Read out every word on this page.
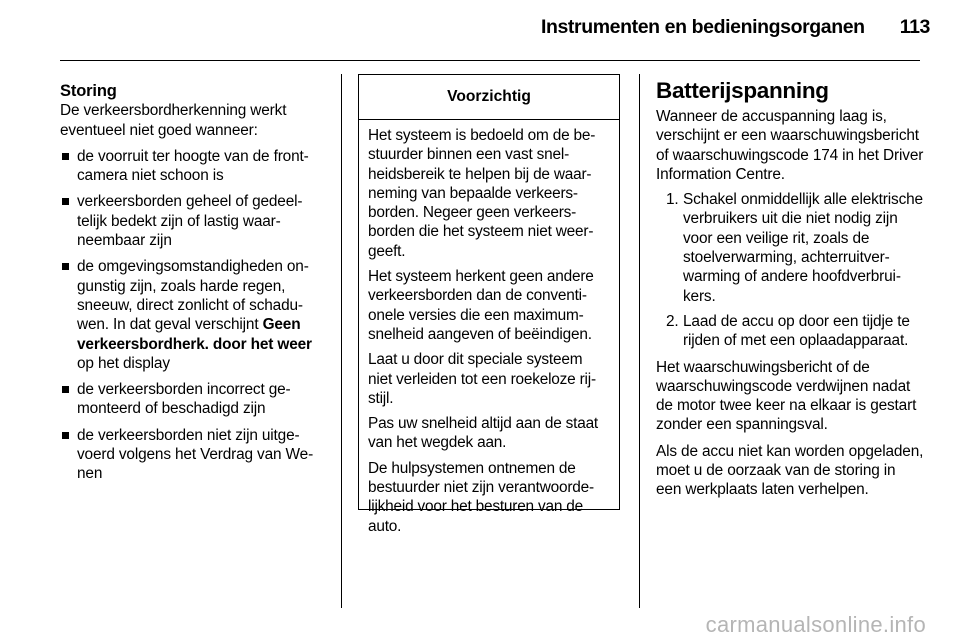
Instrumenten en bedieningsorganen 113
Storing

De verkeersbordherkenning werkt eventueel niet goed wanneer:

de voorruit ter hoogte van de frontcamera niet schoon is
verkeersborden geheel of gedeeltelijk bedekt zijn of lastig waarneembaar zijn
de omgevingsomstandigheden ongunstig zijn, zoals harde regen, sneeuw, direct zonlicht of schaduwen. In dat geval verschijnt Geen verkeersbordherk. door het weer op het display
de verkeersborden incorrect gemonteerd of beschadigd zijn
de verkeersborden niet zijn uitgevoerd volgens het Verdrag van Wenen
Voorzichtig

Het systeem is bedoeld om de bestuurder binnen een vast snelheidsbereik te helpen bij de waarneming van bepaalde verkeersborden. Negeer geen verkeersborden die het systeem niet weergeeft.

Het systeem herkent geen andere verkeersborden dan de conventionele versies die een maximumsnelheid aangeven of beëindigen.

Laat u door dit speciale systeem niet verleiden tot een roekeloze rijstijl.

Pas uw snelheid altijd aan de staat van het wegdek aan.

De hulpsystemen ontnemen de bestuurder niet zijn verantwoordelijkheid voor het besturen van de auto.

Batterijspanning

Wanneer de accuspanning laag is, verschijnt er een waarschuwingsbericht of waarschuwingscode 174 in het Driver Information Centre.

1. Schakel onmiddellijk alle elektrische verbruikers uit die niet nodig zijn voor een veilige rit, zoals de stoelverwarming, achterruitverwarming of andere hoofdverbruikers.
2. Laad de accu op door een tijdje te rijden of met een oplaadapparaat.

Het waarschuwingsbericht of de waarschuwingscode verdwijnen nadat de motor twee keer na elkaar is gestart zonder een spanningsval.

Als de accu niet kan worden opgeladen, moet u de oorzaak van de storing in een werkplaats laten verhelpen.

carmanualsonline.info
